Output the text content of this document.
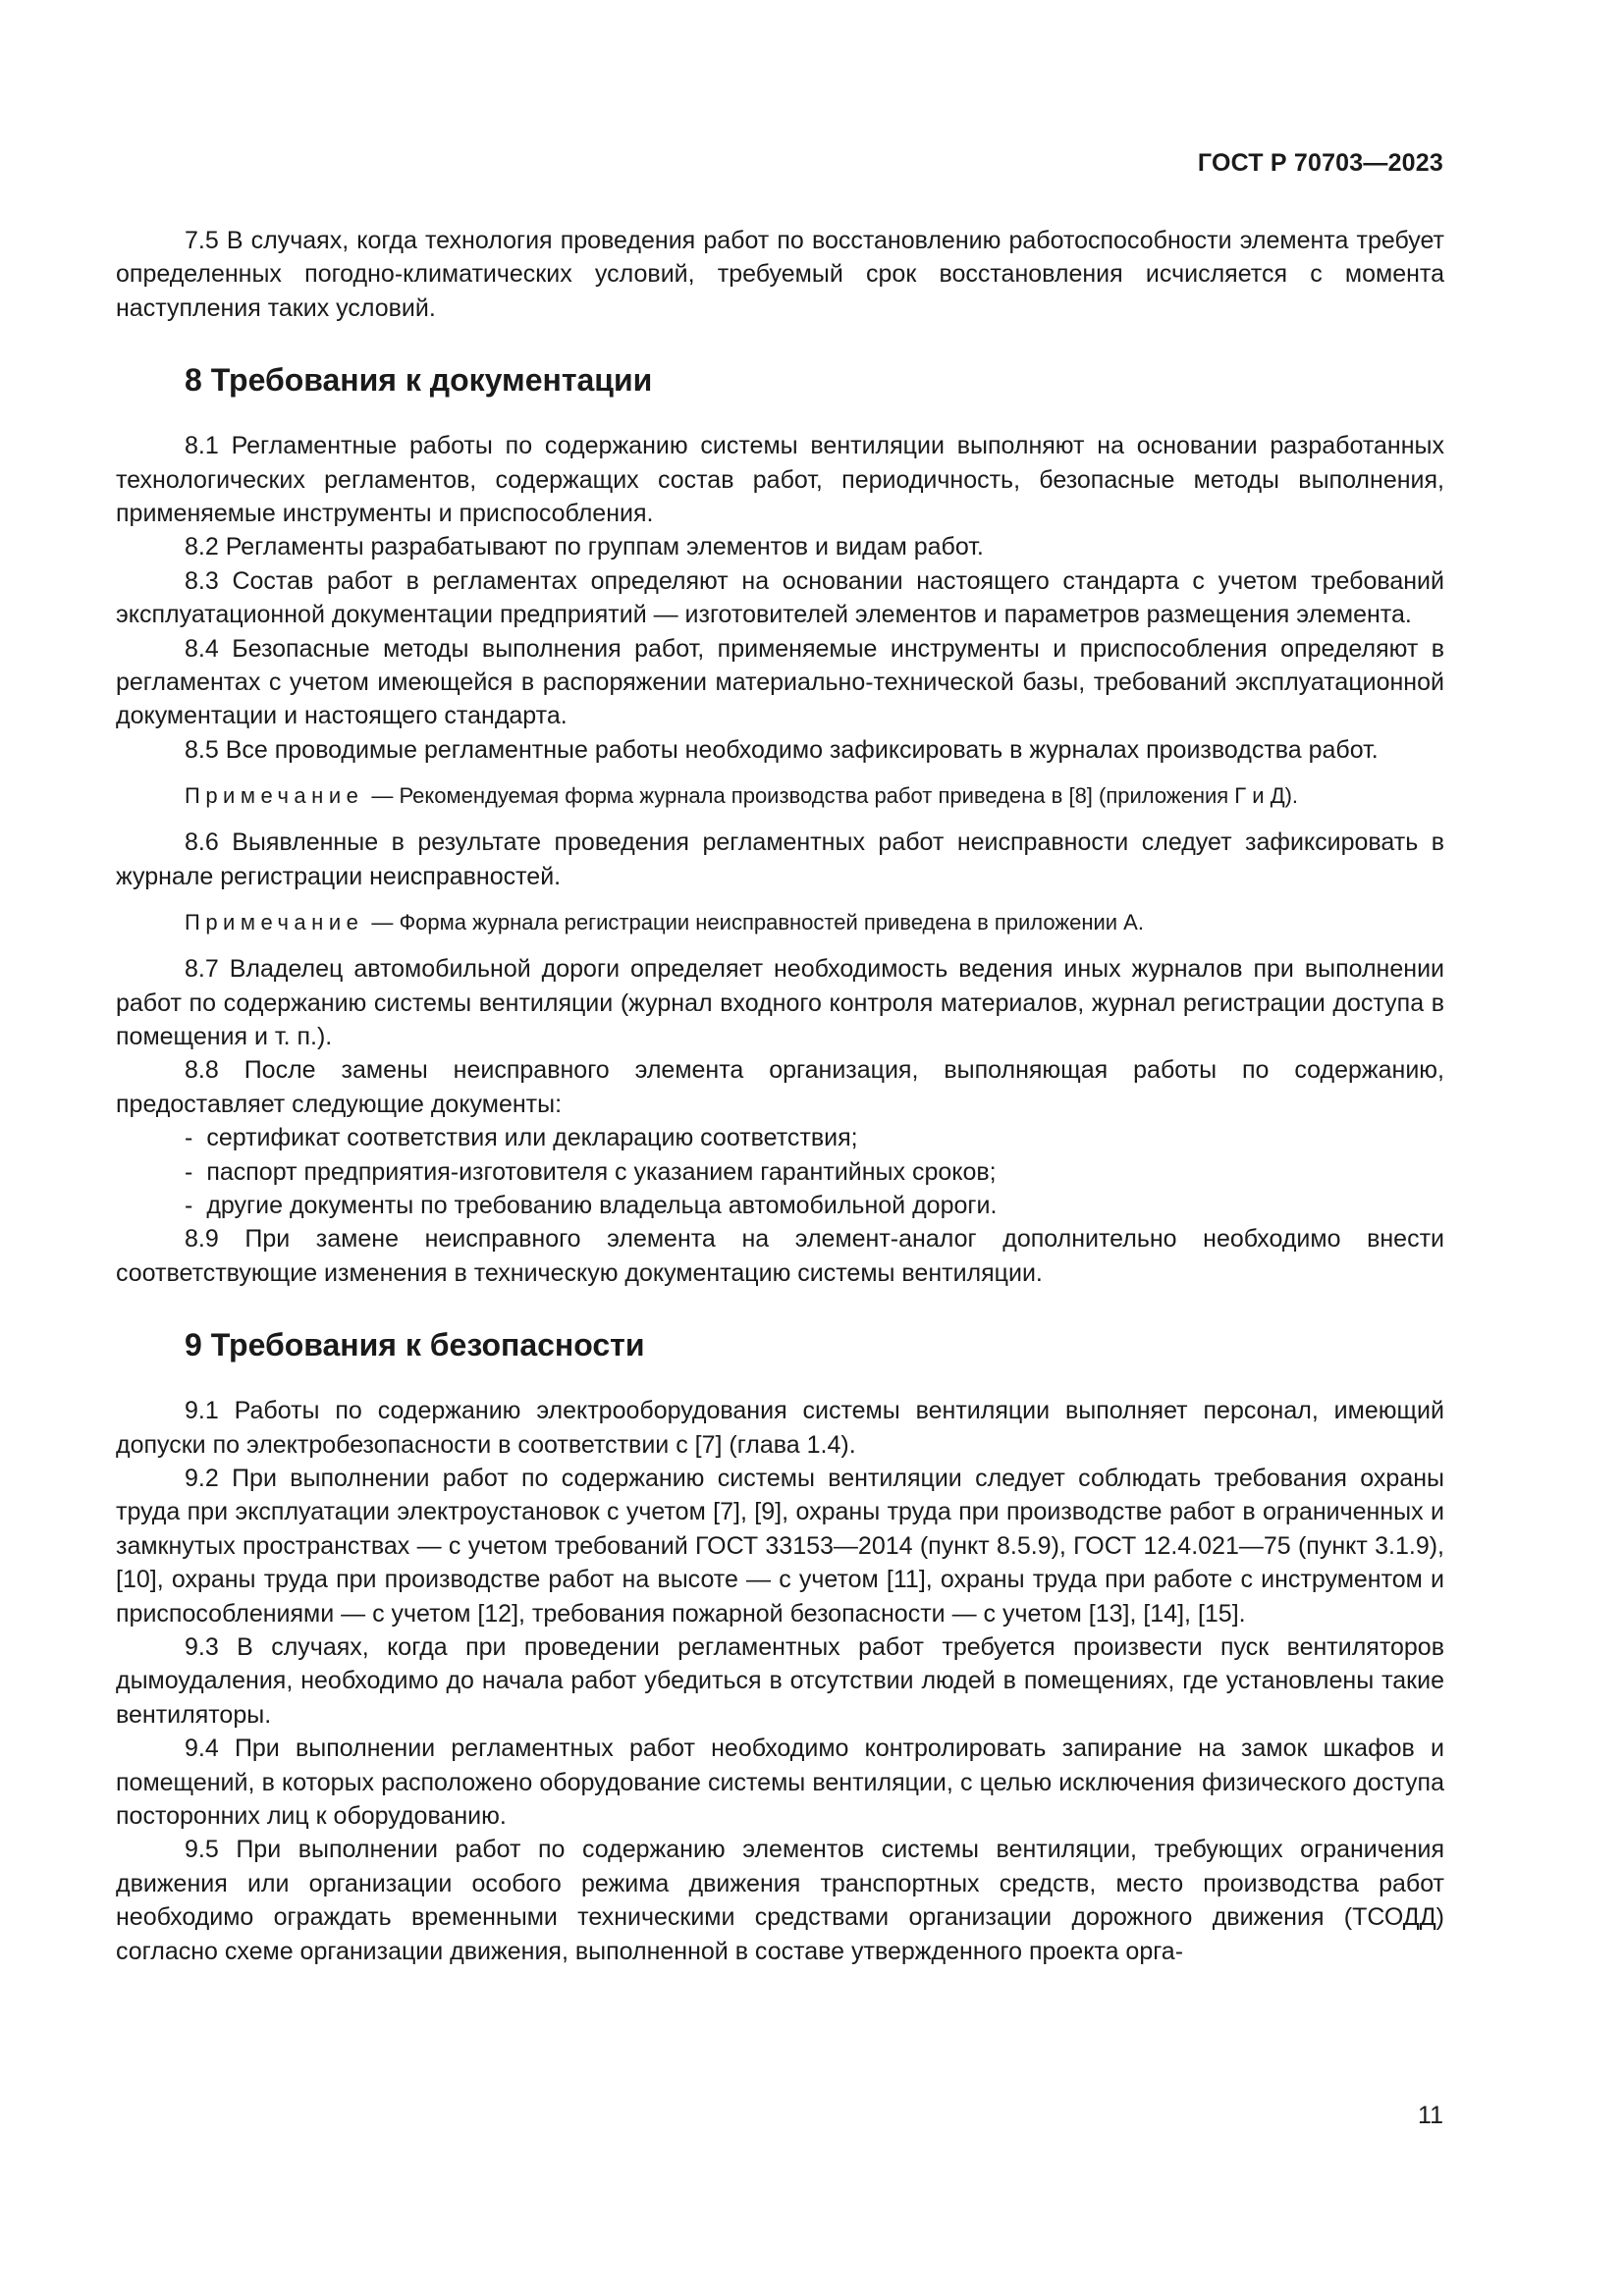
ГОСТ Р 70703—2023

7.5 В случаях, когда технология проведения работ по восстановлению работоспособности элемента требует определенных погодно-климатических условий, требуемый срок восстановления исчисляется с момента наступления таких условий.

8 Требования к документации

8.1 Регламентные работы по содержанию системы вентиляции выполняют на основании разработанных технологических регламентов, содержащих состав работ, периодичность, безопасные методы выполнения, применяемые инструменты и приспособления.

8.2 Регламенты разрабатывают по группам элементов и видам работ.

8.3 Состав работ в регламентах определяют на основании настоящего стандарта с учетом требований эксплуатационной документации предприятий — изготовителей элементов и параметров размещения элемента.

8.4 Безопасные методы выполнения работ, применяемые инструменты и приспособления определяют в регламентах с учетом имеющейся в распоряжении материально-технической базы, требований эксплуатационной документации и настоящего стандарта.

8.5 Все проводимые регламентные работы необходимо зафиксировать в журналах производства работ.

Примечание — Рекомендуемая форма журнала производства работ приведена в [8] (приложения Г и Д).

8.6 Выявленные в результате проведения регламентных работ неисправности следует зафиксировать в журнале регистрации неисправностей.

Примечание — Форма журнала регистрации неисправностей приведена в приложении А.

8.7 Владелец автомобильной дороги определяет необходимость ведения иных журналов при выполнении работ по содержанию системы вентиляции (журнал входного контроля материалов, журнал регистрации доступа в помещения и т. п.).

8.8 После замены неисправного элемента организация, выполняющая работы по содержанию, предоставляет следующие документы:

- сертификат соответствия или декларацию соответствия;
- паспорт предприятия-изготовителя с указанием гарантийных сроков;
- другие документы по требованию владельца автомобильной дороги.

8.9 При замене неисправного элемента на элемент-аналог дополнительно необходимо внести соответствующие изменения в техническую документацию системы вентиляции.

9 Требования к безопасности

9.1 Работы по содержанию электрооборудования системы вентиляции выполняет персонал, имеющий допуски по электробезопасности в соответствии с [7] (глава 1.4).

9.2 При выполнении работ по содержанию системы вентиляции следует соблюдать требования охраны труда при эксплуатации электроустановок с учетом [7], [9], охраны труда при производстве работ в ограниченных и замкнутых пространствах — с учетом требований ГОСТ 33153—2014 (пункт 8.5.9), ГОСТ 12.4.021—75 (пункт 3.1.9), [10], охраны труда при производстве работ на высоте — с учетом [11], охраны труда при работе с инструментом и приспособлениями — с учетом [12], требования пожарной безопасности — с учетом [13], [14], [15].

9.3 В случаях, когда при проведении регламентных работ требуется произвести пуск вентиляторов дымоудаления, необходимо до начала работ убедиться в отсутствии людей в помещениях, где установлены такие вентиляторы.

9.4 При выполнении регламентных работ необходимо контролировать запирание на замок шкафов и помещений, в которых расположено оборудование системы вентиляции, с целью исключения физического доступа посторонних лиц к оборудованию.

9.5 При выполнении работ по содержанию элементов системы вентиляции, требующих ограничения движения или организации особого режима движения транспортных средств, место производства работ необходимо ограждать временными техническими средствами организации дорожного движения (ТСОДД) согласно схеме организации движения, выполненной в составе утвержденного проекта орга-

11
